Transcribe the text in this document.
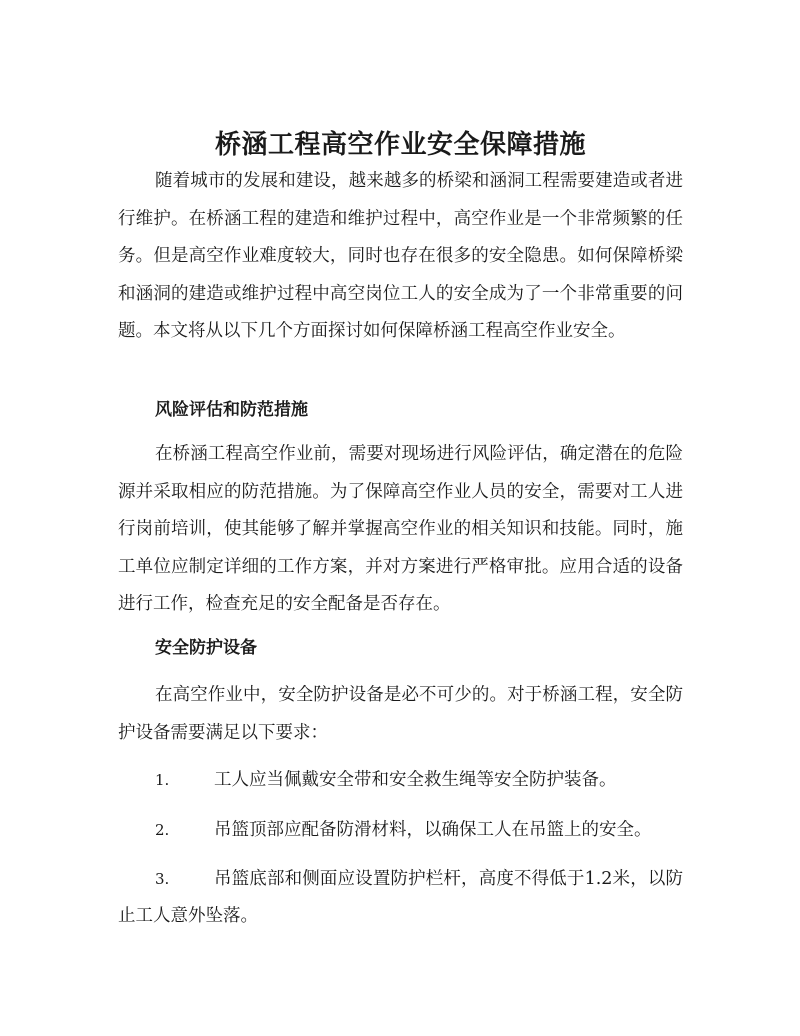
桥涵工程高空作业安全保障措施

随着城市的发展和建设，越来越多的桥梁和涵洞工程需要建造或者进行维护。在桥涵工程的建造和维护过程中，高空作业是一个非常频繁的任务。但是高空作业难度较大，同时也存在很多的安全隐患。如何保障桥梁和涵洞的建造或维护过程中高空岗位工人的安全成为了一个非常重要的问题。本文将从以下几个方面探讨如何保障桥涵工程高空作业安全。

风险评估和防范措施

在桥涵工程高空作业前，需要对现场进行风险评估，确定潜在的危险源并采取相应的防范措施。为了保障高空作业人员的安全，需要对工人进行岗前培训，使其能够了解并掌握高空作业的相关知识和技能。同时，施工单位应制定详细的工作方案，并对方案进行严格审批。应用合适的设备进行工作，检查充足的安全配备是否存在。

安全防护设备

在高空作业中，安全防护设备是必不可少的。对于桥涵工程，安全防护设备需要满足以下要求：

1.	工人应当佩戴安全带和安全救生绳等安全防护装备。
2.	吊篮顶部应配备防滑材料，以确保工人在吊篮上的安全。
3.	吊篮底部和侧面应设置防护栏杆，高度不得低于1.2米，以防止工人意外坠落。
